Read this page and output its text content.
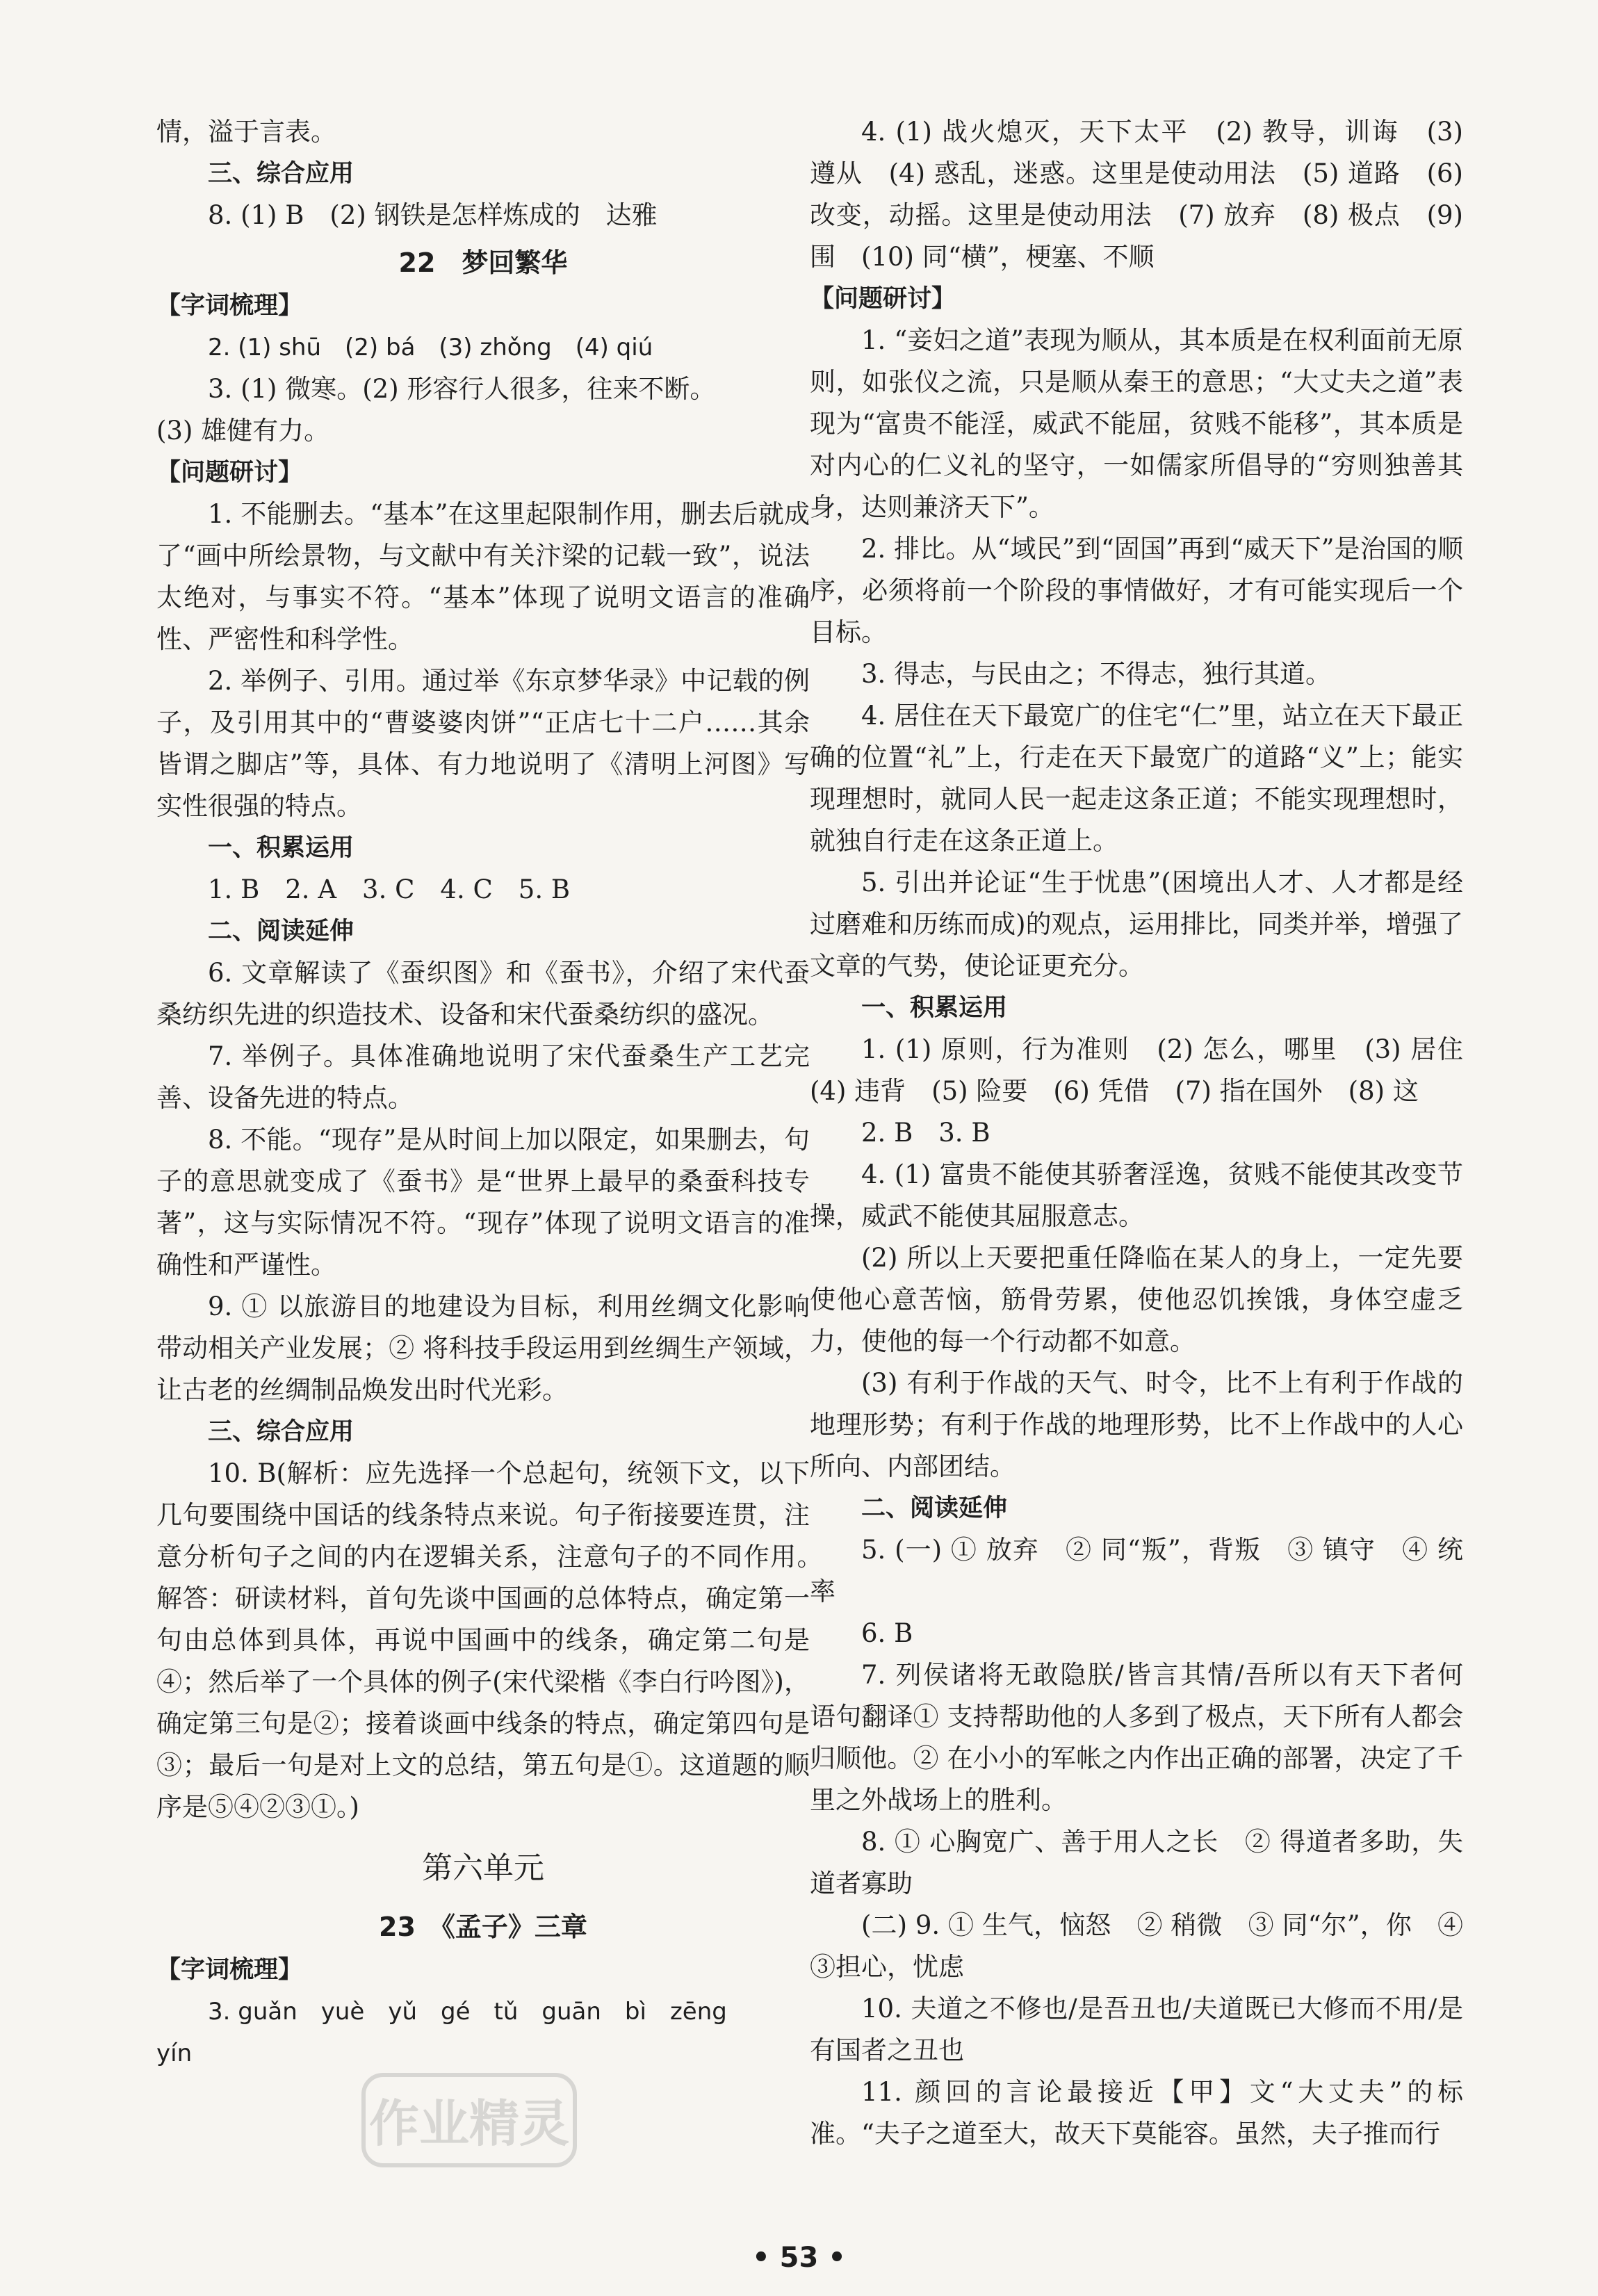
情，溢于言表。

三、综合应用

8. (1) B　(2) 钢铁是怎样炼成的　达雅

22　梦回繁华

【字词梳理】

2. (1) shū　(2) bá　(3) zhǒng　(4) qiú

3. (1) 微寒。(2) 形容行人很多，往来不断。

(3) 雄健有力。

【问题研讨】

1. 不能删去。“基本”在这里起限制作用，删去后就成了“画中所绘景物，与文献中有关汴梁的记载一致”，说法太绝对，与事实不符。“基本”体现了说明文语言的准确性、严密性和科学性。

2. 举例子、引用。通过举《东京梦华录》中记载的例子，及引用其中的“曹婆婆肉饼”“正店七十二户……其余皆谓之脚店”等，具体、有力地说明了《清明上河图》写实性很强的特点。

一、积累运用

1. B　2. A　3. C　4. C　5. B

二、阅读延伸

6. 文章解读了《蚕织图》和《蚕书》，介绍了宋代蚕桑纺织先进的织造技术、设备和宋代蚕桑纺织的盛况。

7. 举例子。具体准确地说明了宋代蚕桑生产工艺完善、设备先进的特点。

8. 不能。“现存”是从时间上加以限定，如果删去，句子的意思就变成了《蚕书》是“世界上最早的桑蚕科技专著”，这与实际情况不符。“现存”体现了说明文语言的准确性和严谨性。

9. ① 以旅游目的地建设为目标，利用丝绸文化影响带动相关产业发展；② 将科技手段运用到丝绸生产领域，让古老的丝绸制品焕发出时代光彩。

三、综合应用

10. B(解析：应先选择一个总起句，统领下文，以下几句要围绕中国话的线条特点来说。句子衔接要连贯，注意分析句子之间的内在逻辑关系，注意句子的不同作用。　解答：研读材料，首句先谈中国画的总体特点，确定第一句由总体到具体，再说中国画中的线条，确定第二句是④；然后举了一个具体的例子(宋代梁楷《李白行吟图》)，确定第三句是②；接着谈画中线条的特点，确定第四句是③；最后一句是对上文的总结，第五句是①。这道题的顺序是⑤④②③①。)

第六单元

23　《孟子》三章

【字词梳理】

3. guǎn　yuè　yǔ　gé　tǔ　guān　bì　zēng

yín

4. (1) 战火熄灭，天下太平　(2) 教导，训诲　(3) 遵从　(4) 惑乱，迷惑。这里是使动用法　(5) 道路　(6) 改变，动摇。这里是使动用法　(7) 放弃　(8) 极点　(9) 围　(10) 同“横”，梗塞、不顺

【问题研讨】

1. “妾妇之道”表现为顺从，其本质是在权利面前无原则，如张仪之流，只是顺从秦王的意思；“大丈夫之道”表现为“富贵不能淫，威武不能屈，贫贱不能移”，其本质是对内心的仁义礼的坚守，一如儒家所倡导的“穷则独善其身，达则兼济天下”。

2. 排比。从“域民”到“固国”再到“威天下”是治国的顺序，必须将前一个阶段的事情做好，才有可能实现后一个目标。

3. 得志，与民由之；不得志，独行其道。

4. 居住在天下最宽广的住宅“仁”里，站立在天下最正确的位置“礼”上，行走在天下最宽广的道路“义”上；能实现理想时，就同人民一起走这条正道；不能实现理想时，就独自行走在这条正道上。

5. 引出并论证“生于忧患”(困境出人才、人才都是经过磨难和历练而成)的观点，运用排比，同类并举，增强了文章的气势，使论证更充分。

一、积累运用

1. (1) 原则，行为准则　(2) 怎么，哪里　(3) 居住　(4) 违背　(5) 险要　(6) 凭借　(7) 指在国外　(8) 这

2. B　3. B

4. (1) 富贵不能使其骄奢淫逸，贫贱不能使其改变节操，威武不能使其屈服意志。

(2) 所以上天要把重任降临在某人的身上，一定先要使他心意苦恼，筋骨劳累，使他忍饥挨饿，身体空虚乏力，使他的每一个行动都不如意。

(3) 有利于作战的天气、时令，比不上有利于作战的地理形势；有利于作战的地理形势，比不上作战中的人心所向、内部团结。

二、阅读延伸

5. (一) ① 放弃　② 同“叛”，背叛　③ 镇守　④ 统率

6. B

7. 列侯诸将无敢隐朕/皆言其情/吾所以有天下者何　语句翻译① 支持帮助他的人多到了极点，天下所有人都会归顺他。② 在小小的军帐之内作出正确的部署，决定了千里之外战场上的胜利。

8. ① 心胸宽广、善于用人之长　② 得道者多助，失道者寡助

(二) 9. ① 生气，恼怒　② 稍微　③ 同“尔”，你　④ ③担心，忧虑

10. 夫道之不修也/是吾丑也/夫道既已大修而不用/是有国者之丑也

11. 颜回的言论最接近【甲】文“大丈夫”的标准。“夫子之道至大，故天下莫能容。虽然，夫子推而行

作业精灵
• 53 •
